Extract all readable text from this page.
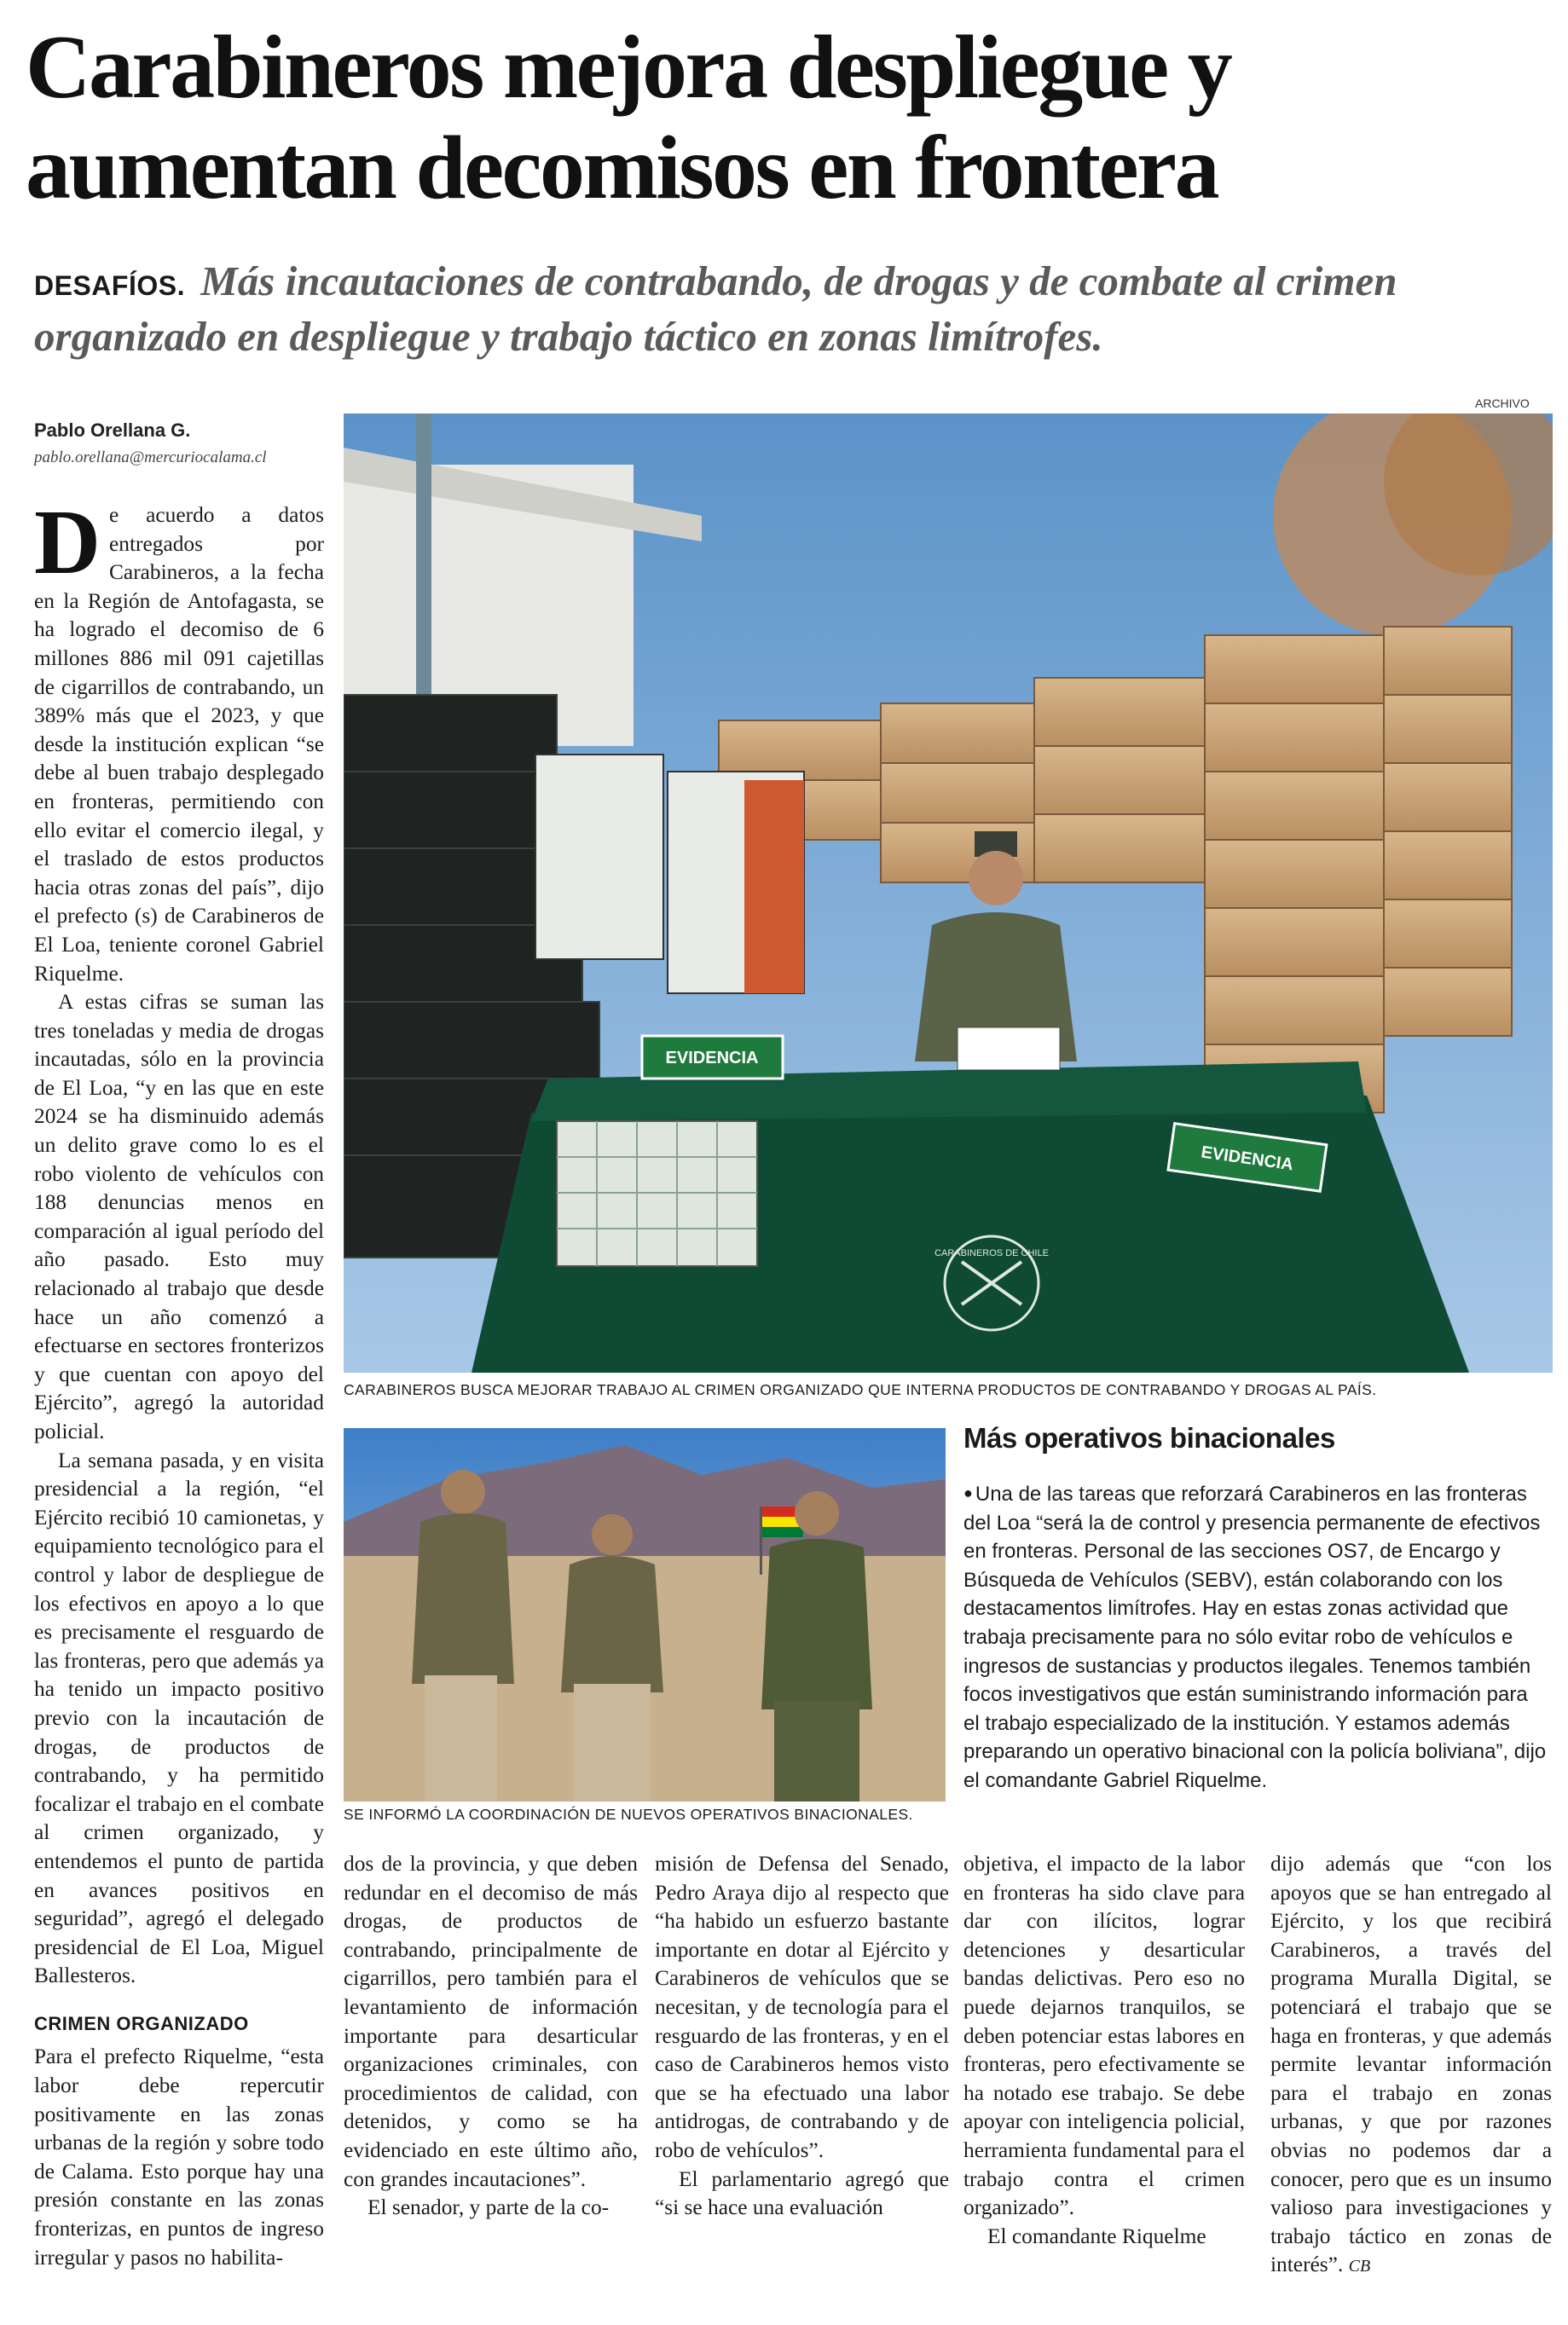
Carabineros mejora despliegue y aumentan decomisos en frontera
DESAFÍOS. Más incautaciones de contrabando, de drogas y de combate al crimen organizado en despliegue y trabajo táctico en zonas limítrofes.
Pablo Orellana G.
pablo.orellana@mercuriocalama.cl
ARCHIVO
EVIDENCIA
EVIDENCIA
CARABINEROS DE CHILE
CARABINEROS BUSCA MEJORAR TRABAJO AL CRIMEN ORGANIZADO QUE INTERNA PRODUCTOS DE CONTRABANDO Y DROGAS AL PAÍS.
SE INFORMÓ LA COORDINACIÓN DE NUEVOS OPERATIVOS BINACIONALES.
Más operativos binacionales
● Una de las tareas que reforzará Carabineros en las fronteras del Loa “será la de control y presencia permanente de efectivos en fronteras. Personal de las secciones OS7, de Encargo y Búsqueda de Vehículos (SEBV), están colaborando con los destacamentos limítrofes. Hay en estas zonas actividad que trabaja precisamente para no sólo evitar robo de vehículos e ingresos de sustancias y productos ilegales. Tenemos también focos investigativos que están suministrando información para el trabajo especializado de la institución. Y estamos además preparando un operativo binacional con la policía boliviana”, dijo el comandante Gabriel Riquelme.

De acuerdo a datos entregados por Carabineros, a la fecha en la Región de Antofagasta, se ha logrado el decomiso de 6 millones 886 mil 091 cajetillas de cigarrillos de contrabando, un 389% más que el 2023, y que desde la institución explican “se debe al buen trabajo desplegado en fronteras, permitiendo con ello evitar el comercio ilegal, y el traslado de estos productos hacia otras zonas del país”, dijo el prefecto (s) de Carabineros de El Loa, teniente coronel Gabriel Riquelme.

A estas cifras se suman las tres toneladas y media de drogas incautadas, sólo en la provincia de El Loa, “y en las que en este 2024 se ha disminuido además un delito grave como lo es el robo violento de vehículos con 188 denuncias menos en comparación al igual período del año pasado. Esto muy relacionado al trabajo que desde hace un año comenzó a efectuarse en sectores fronterizos y que cuentan con apoyo del Ejército”, agregó la autoridad policial.

La semana pasada, y en visita presidencial a la región, “el Ejército recibió 10 camionetas, y equipamiento tecnológico para el control y labor de despliegue de los efectivos en apoyo a lo que es precisamente el resguardo de las fronteras, pero que además ya ha tenido un impacto positivo previo con la incautación de drogas, de productos de contrabando, y ha permitido focalizar el trabajo en el combate al crimen organizado, y entendemos el punto de partida en avances positivos en seguridad”, agregó el delegado presidencial de El Loa, Miguel Ballesteros.

CRIMEN ORGANIZADO

Para el prefecto Riquelme, “esta labor debe repercutir positivamente en las zonas urbanas de la región y sobre todo de Calama. Esto porque hay una presión constante en las zonas fronterizas, en puntos de ingreso irregular y pasos no habilita-

dos de la provincia, y que deben redundar en el decomiso de más drogas, de productos de contrabando, principalmente de cigarrillos, pero también para el levantamiento de información importante para desarticular organizaciones criminales, con procedimientos de calidad, con detenidos, y como se ha evidenciado en este último año, con grandes incautaciones”.

El senador, y parte de la co-

misión de Defensa del Senado, Pedro Araya dijo al respecto que “ha habido un esfuerzo bastante importante en dotar al Ejército y Carabineros de vehículos que se necesitan, y de tecnología para el resguardo de las fronteras, y en el caso de Carabineros hemos visto que se ha efectuado una labor antidrogas, de contrabando y de robo de vehículos”.

El parlamentario agregó que “si se hace una evaluación

objetiva, el impacto de la labor en fronteras ha sido clave para dar con ilícitos, lograr detenciones y desarticular bandas delictivas. Pero eso no puede dejarnos tranquilos, se deben potenciar estas labores en fronteras, pero efectivamente se ha notado ese trabajo. Se debe apoyar con inteligencia policial, herramienta fundamental para el trabajo contra el crimen organizado”.

El comandante Riquelme

dijo además que “con los apoyos que se han entregado al Ejército, y los que recibirá Carabineros, a través del programa Muralla Digital, se potenciará el trabajo que se haga en fronteras, y que además permite levantar información para el trabajo en zonas urbanas, y que por razones obvias no podemos dar a conocer, pero que es un insumo valioso para investigaciones y trabajo táctico en zonas de interés”. CB
